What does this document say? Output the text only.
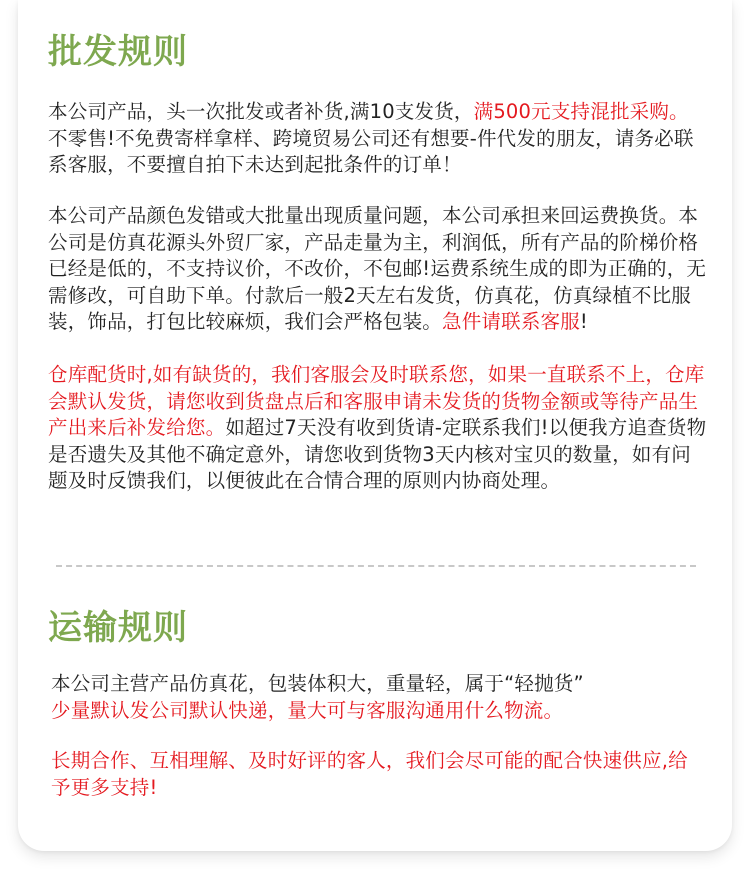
批发规则
本公司产品，头一次批发或者补货,满10支发货，满500元支持混批采购。不零售!不免费寄样拿样、跨境贸易公司还有想要-件代发的朋友，请务必联系客服，不要擅自拍下未达到起批条件的订单！
本公司产品颜色发错或大批量出现质量问题，本公司承担来回运费换货。本公司是仿真花源头外贸厂家，产品走量为主，利润低，所有产品的阶梯价格已经是低的，不支持议价，不改价，不包邮!运费系统生成的即为正确的，无需修改，可自助下单。付款后一般2天左右发货，仿真花，仿真绿植不比服装，饰品，打包比较麻烦，我们会严格包装。急件请联系客服!
仓库配货时,如有缺货的，我们客服会及时联系您，如果一直联系不上，仓库会默认发货，请您收到货盘点后和客服申请未发货的货物金额或等待产品生产出来后补发给您。如超过7天没有收到货请-定联系我们!以便我方追查货物是否遗失及其他不确定意外，请您收到货物3天内核对宝贝的数量，如有问题及时反馈我们，以便彼此在合情合理的原则内协商处理。
运输规则
本公司主营产品仿真花，包装体积大，重量轻，属于“轻抛货”
少量默认发公司默认快递，量大可与客服沟通用什么物流。
长期合作、互相理解、及时好评的客人，我们会尽可能的配合快速供应,给予更多支持!
